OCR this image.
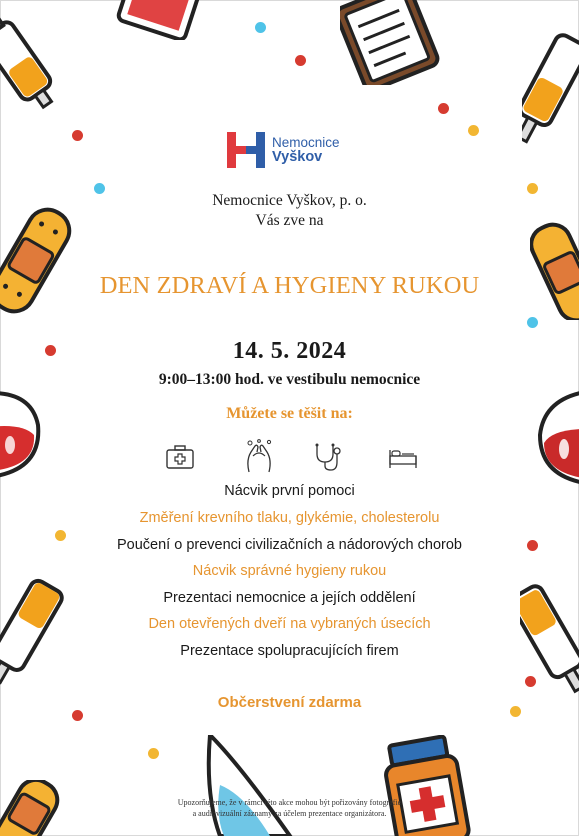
Nemocnice
Vyškov
Nemocnice Vyškov, p. o.
Vás zve na
DEN ZDRAVÍ A HYGIENY RUKOU
14. 5. 2024
9:00–13:00 hod. ve vestibulu nemocnice
Můžete se těšit na:
Nácvik první pomoci
Změření krevního tlaku, glykémie, cholesterolu
Poučení o prevenci civilizačních a nádorových chorob
Nácvik správné hygieny rukou
Prezentaci nemocnice a jejích oddělení
Den otevřených dveří na vybraných úsecích
Prezentace spolupracujících firem
Občerstvení zdarma
Upozorňujeme, že v rámci této akce mohou být pořizovány fotografie
a audiovizuální záznamy za účelem prezentace organizátora.
